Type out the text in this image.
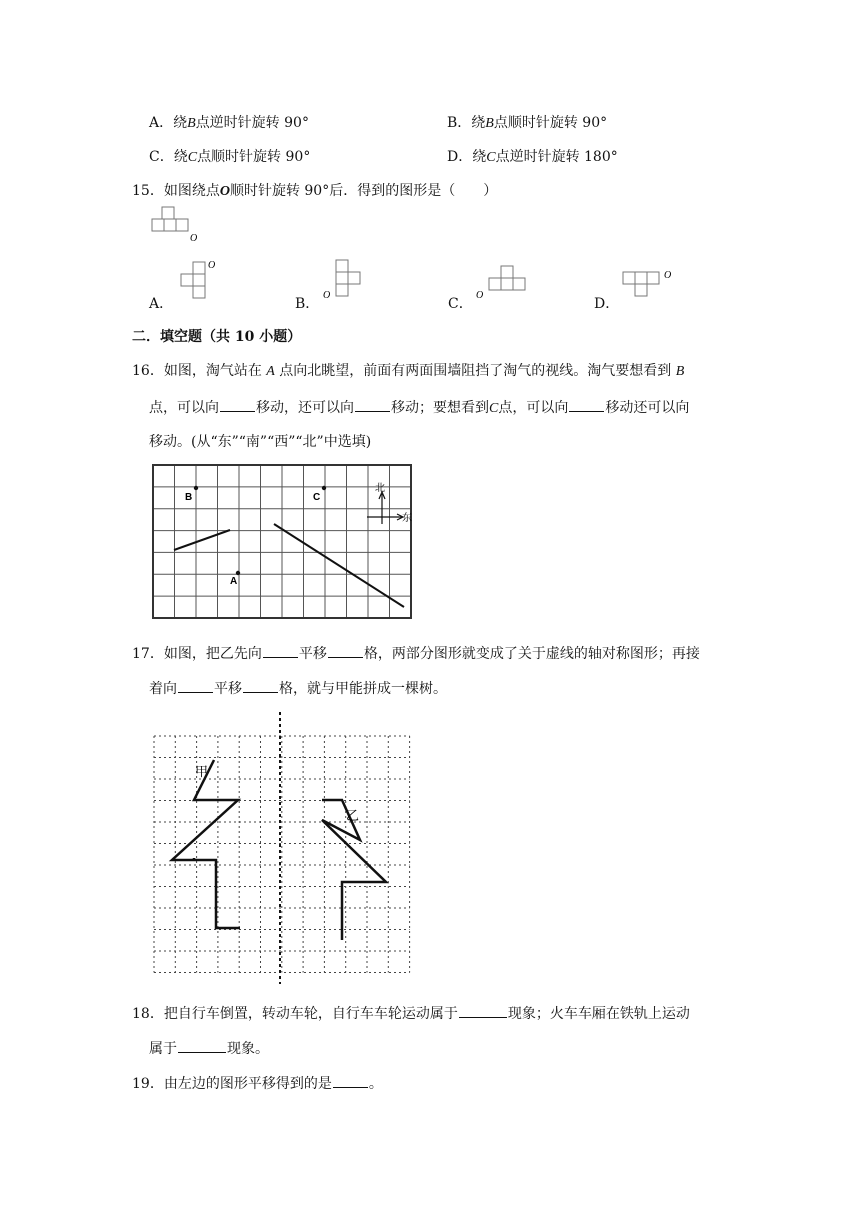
A．绕B点逆时针旋转 90°	B．绕B点顺时针旋转 90°
C．绕C点顺时针旋转 90°	D．绕C点逆时针旋转 180°
15．如图绕点O顺时针旋转 90°后．得到的图形是（　　）
O
A．
O
B．
O
C．
O
D．
O
二．填空题（共 10 小题）
16．如图，淘气站在 A 点向北眺望，前面有两面围墙阻挡了淘气的视线。淘气要想看到 B
点，可以向	移动，还可以向	移动；要想看到C点，可以向	移动还可以向
移动。(从“东”“南”“西”“北”中选填)
B	C
A
北
东
17．如图，把乙先向	平移	格，两部分图形就变成了关于虚线的轴对称图形；再接
着向	平移	格，就与甲能拼成一棵树。
甲
乙
18．把自行车倒置，转动车轮，自行车车轮运动属于	现象；火车车厢在铁轨上运动
属于	现象。
19．由左边的图形平移得到的是	。
